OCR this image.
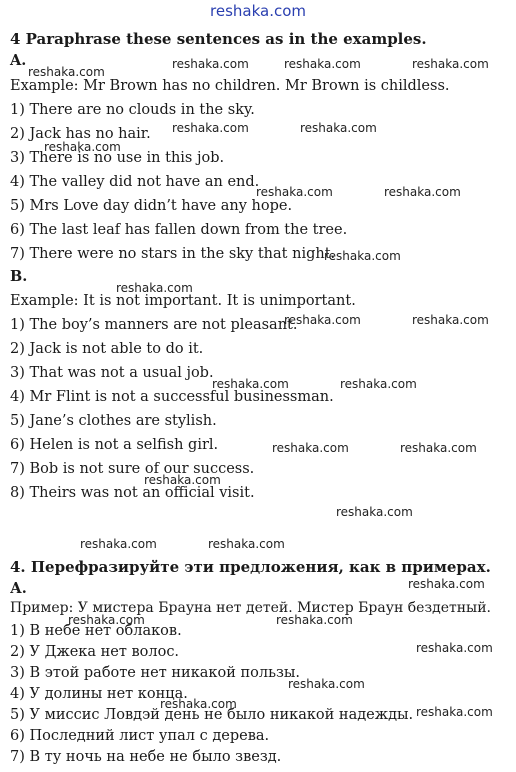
reshaka.com
4 Paraphrase these sentences as in the examples.
A.
Example: Mr Brown has no children. Mr Brown is childless.
1) There are no clouds in the sky.
2) Jack has no hair.
3) There is no use in this job.
4) The valley did not have an end.
5) Mrs Love day didn’t have any hope.
6) The last leaf has fallen down from the tree.
7) There were no stars in the sky that night.
B.
Example: It is not important. It is unimportant.
1) The boy’s manners are not pleasant.
2) Jack is not able to do it.
3) That was not a usual job.
4) Mr Flint is not a successful businessman.
5) Jane’s clothes are stylish.
6) Helen is not a selfish girl.
7) Bob is not sure of our success.
8) Theirs was not an official visit.
4. Перефразируйте эти предложения, как в примерах.
А.
Пример: У мистера Брауна нет детей. Мистер Браун бездетный.
1) В небе нет облаков.
2) У Джека нет волос.
3) В этой работе нет никакой пользы.
4) У долины нет конца.
5) У миссис Ловдэй день не было никакой надежды.
6) Последний лист упал с дерева.
7) В ту ночь на небе не было звезд.
reshaka.com
reshaka.com	reshaka.com	reshaka.com
reshaka.com	reshaka.com
reshaka.com
reshaka.com	reshaka.com
reshaka.com
reshaka.com
reshaka.com	reshaka.com
reshaka.com	reshaka.com
reshaka.com	reshaka.com
reshaka.com
reshaka.com
reshaka.com	reshaka.com
reshaka.com
reshaka.com	reshaka.com
reshaka.com
reshaka.com
reshaka.com
reshaka.com
